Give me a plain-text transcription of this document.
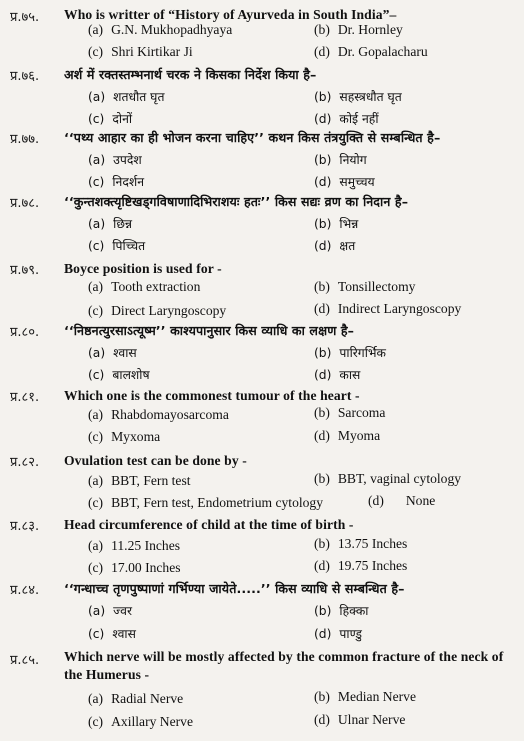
प्र.७५. Who is writter of “History of Ayurveda in South India”–
(a) G.N. Mukhopadhyaya	(b) Dr. Hornley
(c) Shri Kirtikar Ji	(d) Dr. Gopalacharu
प्र.७६. अर्श में रक्तस्तम्भनार्थ चरक ने किसका निर्देश किया है–
(a) शतधौत घृत	(b) सहस्त्रधौत घृत
(c) दोनों	(d) कोई नहीं
प्र.७७. ‘‘पथ्य आहार का ही भोजन करना चाहिए’’ कथन किस तंत्रयुक्ति से सम्बन्धित है–
(a) उपदेश	(b) नियोग
(c) निदर्शन	(d) समुच्चय
प्र.७८. ‘‘कुन्तशक्त्यृष्टिखड्गविषाणादिभिराशयः हतः’’ किस सद्यः व्रण का निदान है–
(a) छिन्न	(b) भिन्न
(c) पिच्चित	(d) क्षत
प्र.७९. Boyce position is used for -
(a) Tooth extraction	(b) Tonsillectomy
(c) Direct Laryngoscopy	(d) Indirect Laryngoscopy
प्र.८०. ‘‘निष्ठनत्युरसाऽत्यूष्म’’ काश्यपानुसार किस व्याधि का लक्षण है–
(a) श्वास	(b) पारिगर्भिक
(c) बालशोष	(d) कास
प्र.८१. Which one is the commonest tumour of the heart -
(a) Rhabdomayosarcoma	(b) Sarcoma
(c) Myxoma	(d) Myoma
प्र.८२. Ovulation test can be done by -
(a) BBT, Fern test	(b) BBT, vaginal cytology
(c) BBT, Fern test, Endometrium cytology	(d) None
प्र.८३. Head circumference of child at the time of birth -
(a) 11.25 Inches	(b) 13.75 Inches
(c) 17.00 Inches	(d) 19.75 Inches
प्र.८४. ‘‘गन्धाच्च तृणपुष्पाणां गर्भिण्या जायेते.....’’ किस व्याधि से सम्बन्धित है–
(a) ज्वर	(b) हिक्का
(c) श्वास	(d) पाण्डु
प्र.८५. Which nerve will be mostly affected by the common fracture of the neck of the Humerus -
(a) Radial Nerve	(b) Median Nerve
(c) Axillary Nerve	(d) Ulnar Nerve
